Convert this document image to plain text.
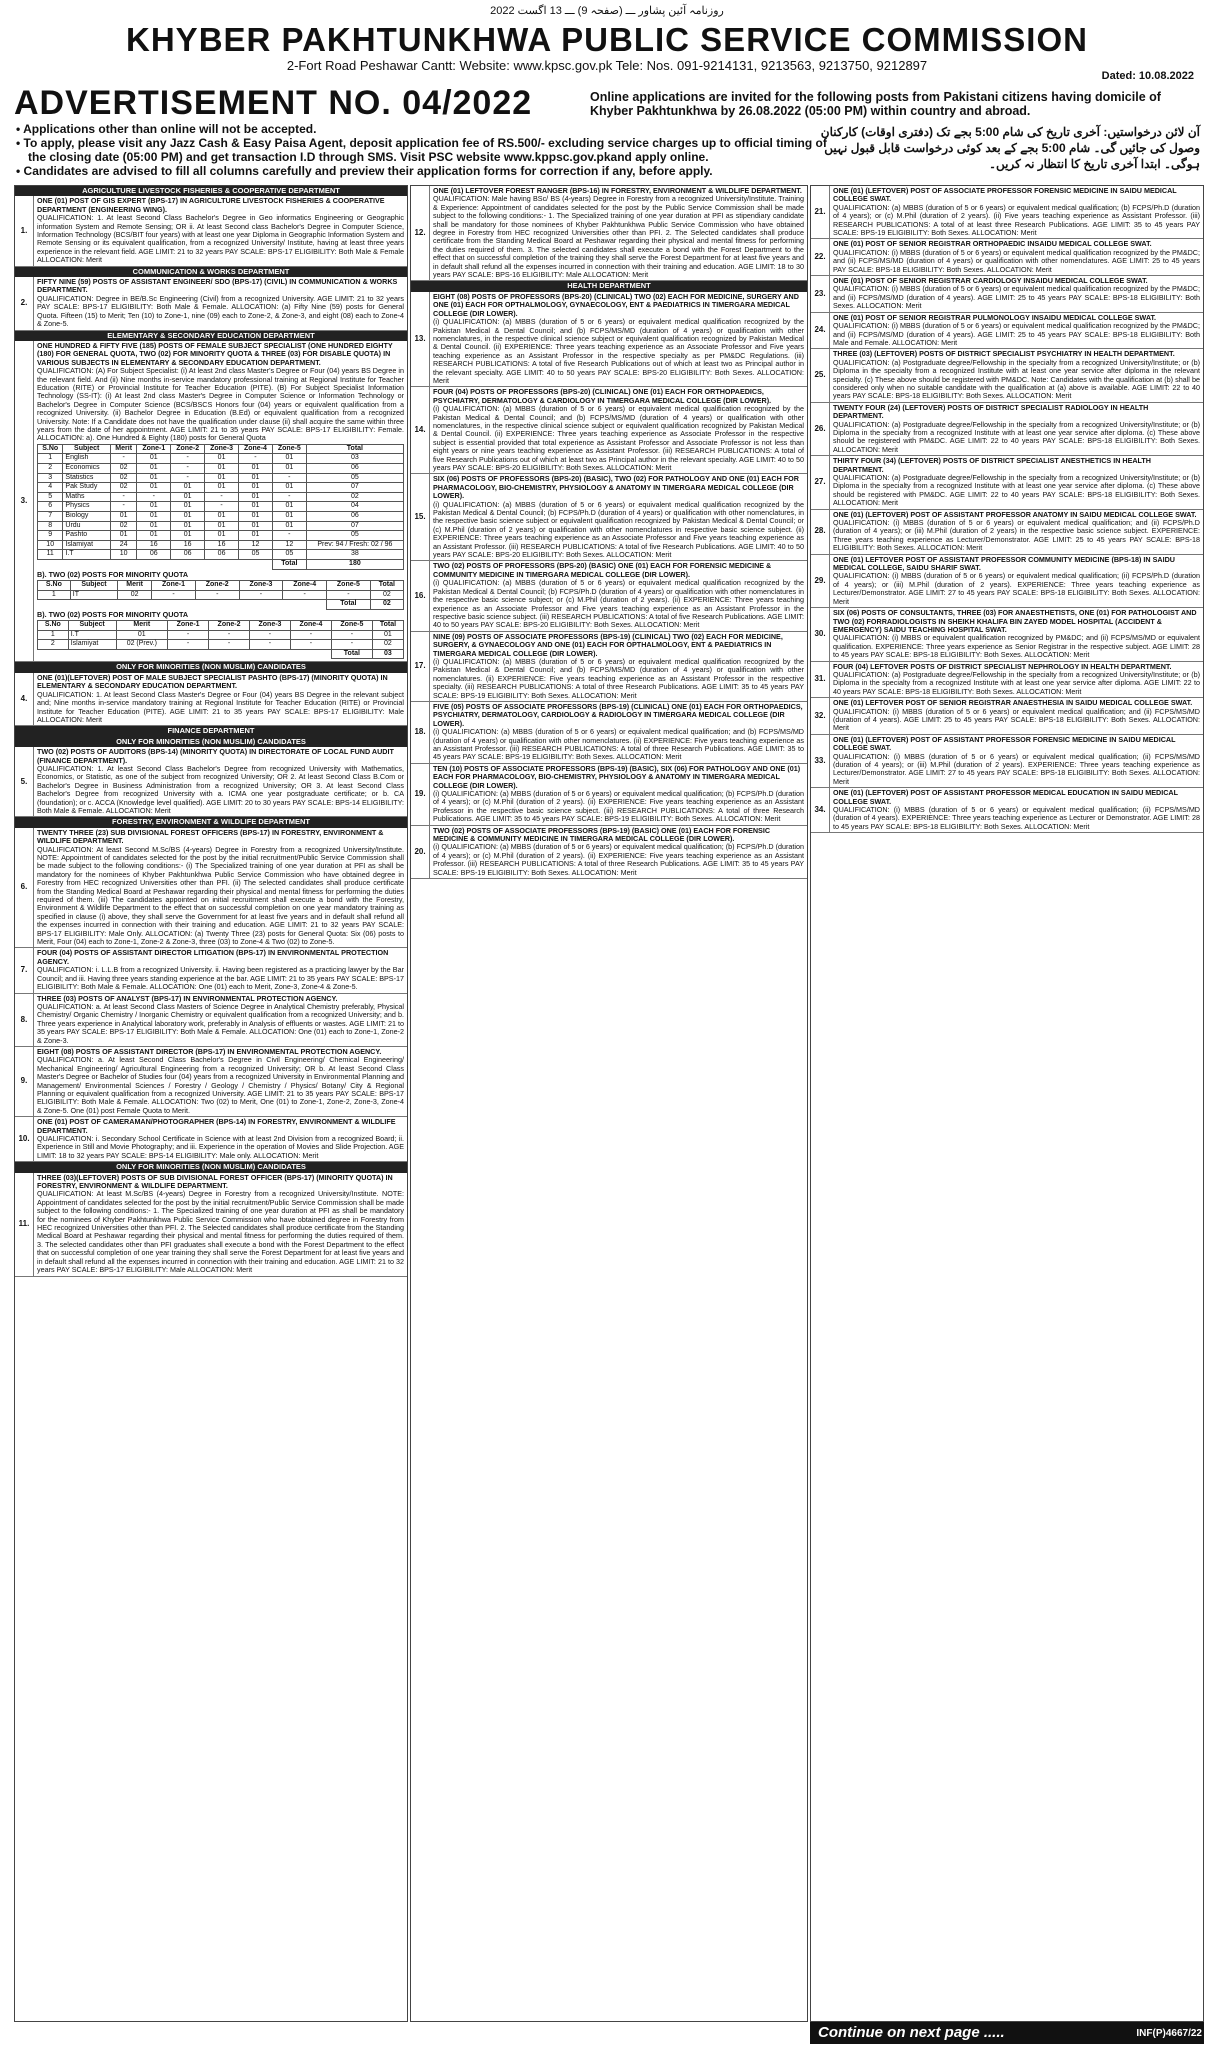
روزنامہ آئین پشاور ـــ (صفحہ 9) ـــ 13 اگست 2022
KHYBER PAKHTUNKHWA PUBLIC SERVICE COMMISSION
2-Fort Road Peshawar Cantt: Website: www.kpsc.gov.pk Tele: Nos. 091-9214131, 9213563, 9213750, 9212897
Dated: 10.08.2022
ADVERTISEMENT NO. 04/2022	Online applications are invited for the following posts from Pakistani citizens having domicile of Khyber Pakhtunkhwa by 26.08.2022 (05:00 PM) within country and abroad.

• Applications other than online will not be accepted.

• To apply, please visit any Jazz Cash & Easy Paisa Agent, deposit application fee of RS.500/- excluding service charges up to official timing of the closing date (05:00 PM) and get transaction I.D through SMS. Visit PSC website www.kppsc.gov.pkand apply online.

• Candidates are advised to fill all columns carefully and preview their application forms for correction if any, before apply.

آن لائن درخواستیں: آخری تاریخ کی شام 5:00 بجے تک (دفتری اوقات) کارکنان وصول کی جائیں گی۔ شام 5:00 بجے کے بعد کوئی درخواست قابل قبول نہیں ہوگی۔ ابتدا آخری تاریخ کا انتظار نہ کریں۔
AGRICULTURE LIVESTOCK FISHERIES & COOPERATIVE DEPARTMENT
1.
ONE (01) POST OF GIS EXPERT (BPS-17) IN AGRICULTURE LIVESTOCK FISHERIES & COOPERATIVE DEPARTMENT (ENGINEERING WING).
QUALIFICATION: 1. At least Second Class Bachelor's Degree in Geo informatics Engineering or Geographic information System and Remote Sensing; OR ii. At least Second class Bachelor's Degree in Computer Science, Information Technology (BCS/BIT four years) with at least one year Diploma in Geographic Information System and Remote Sensing or its equivalent qualification, from a recognized University/ Institute, having at least three years experience in the relevant field. AGE LIMIT: 21 to 32 years PAY SCALE: BPS-17 ELIGIBILITY: Both Male & Female ALLOCATION: Merit
COMMUNICATION & WORKS DEPARTMENT
2.
FIFTY NINE (59) POSTS OF ASSISTANT ENGINEER/ SDO (BPS-17) (CIVIL) IN COMMUNICATION & WORKS DEPARTMENT.
QUALIFICATION: Degree in BE/B.Sc Engineering (Civil) from a recognized University. AGE LIMIT: 21 to 32 years PAY SCALE: BPS-17 ELIGIBILITY: Both Male & Female. ALLOCATION: (a) Fifty Nine (59) posts for General Quota. Fifteen (15) to Merit; Ten (10) to Zone-1, nine (09) each to Zone-2, & Zone-3, and eight (08) each to Zone-4 & Zone-5.
ELEMENTARY & SECONDARY EDUCATION DEPARTMENT
3.
ONE HUNDRED & FIFTY FIVE (185) POSTS OF FEMALE SUBJECT SPECIALIST (ONE HUNDRED EIGHTY (180) FOR GENERAL QUOTA, TWO (02) FOR MINORITY QUOTA & THREE (03) FOR DISABLE QUOTA) IN VARIOUS SUBJECTS IN ELEMENTARY & SECONDARY EDUCATION DEPARTMENT.
QUALIFICATION: (A) For Subject Specialist: (i) At least 2nd class Master's Degree or Four (04) years BS Degree in the relevant field. And (ii) Nine months in-service mandatory professional training at Regional Institute for Teacher Education (RITE) or Provincial Institute for Teacher Education (PITE). (B) For Subject Specialist Information Technology (SS-IT): (i) At least 2nd class Master's Degree in Computer Science or Information Technology or Bachelor's Degree in Computer Science (BCS/BSCS Honors four (04) years or equivalent qualification from a recognized University. (ii) Bachelor Degree in Education (B.Ed) or equivalent qualification from a recognized University. Note: If a Candidate does not have the qualification under clause (ii) shall acquire the same within three years from the date of her appointment. AGE LIMIT: 21 to 35 years PAY SCALE: BPS-17 ELIGIBILITY: Female. ALLOCATION: a). One Hundred & Eighty (180) posts for General Quota
S.No	Subject	Merit	Zone-1	Zone-2	Zone-3	Zone-4	Zone-5	Total
1	English	-	01	-	01	-	01	03
2	Economics	02	01	-	01	01	01	06
3	Statistics	02	01	-	01	01	-	05
4	Pak Study	02	01	01	01	01	01	07
5	Maths	-	-	01	-	01	-	02
6	Physics	-	01	01	-	01	01	04
7	Biology	01	01	01	01	01	01	06
8	Urdu	02	01	01	01	01	01	07
9	Pashto	01	01	01	01	01	-	05
10	Islamiyat	24	16	16	16	12	12	Prev: 94 / Fresh: 02 / 96
11	I.T	10	06	06	06	05	05	38
							Total	180
B). TWO (02) POSTS FOR MINORITY QUOTA
S.No	Subject	Merit	Zone-1	Zone-2	Zone-3	Zone-4	Zone-5	Total
1	IT	02	-	-	-	-	-	02
							Total	02
B). TWO (02) POSTS FOR MINORITY QUOTA
S.No	Subject	Merit	Zone-1	Zone-2	Zone-3	Zone-4	Zone-5	Total
1	I.T	01	-	-	-	-	-	01
2	Islamiyat	02 (Prev.)	-	-	-	-	-	02
							Total	03
ONLY FOR MINORITIES (NON MUSLIM) CANDIDATES
4.
ONE (01)(LEFTOVER) POST OF MALE SUBJECT SPECIALIST PASHTO (BPS-17) (MINORITY QUOTA) IN ELEMENTARY & SECONDARY EDUCATION DEPARTMENT.
QUALIFICATION: 1. At least Second Class Master's Degree or Four (04) years BS Degree in the relevant subject and; Nine months in-service mandatory training at Regional Institute for Teacher Education (RITE) or Provincial Institute for Teacher Education (PITE). AGE LIMIT: 21 to 35 years PAY SCALE: BPS-17 ELIGIBILITY: Male ALLOCATION: Merit
FINANCE DEPARTMENT
ONLY FOR MINORITIES (NON MUSLIM) CANDIDATES
5.
TWO (02) POSTS OF AUDITORS (BPS-14) (MINORITY QUOTA) IN DIRECTORATE OF LOCAL FUND AUDIT (FINANCE DEPARTMENT).
QUALIFICATION: 1. At least Second Class Bachelor's Degree from recognized University with Mathematics, Economics, or Statistic, as one of the subject from recognized University; OR 2. At least Second Class B.Com or Bachelor's Degree in Business Administration from a recognized University; OR 3. At least Second Class Bachelor's Degree from recognized University with a. ICMA one year postgraduate certificate; or b. CA (foundation); or c. ACCA (Knowledge level qualified). AGE LIMIT: 20 to 30 years PAY SCALE: BPS-14 ELIGIBILITY: Both Male & Female. ALLOCATION: Merit
FORESTRY, ENVIRONMENT & WILDLIFE DEPARTMENT
6.
TWENTY THREE (23) SUB DIVISIONAL FOREST OFFICERS (BPS-17) IN FORESTRY, ENVIRONMENT & WILDLIFE DEPARTMENT.
QUALIFICATION: At least Second M.Sc/BS (4-years) Degree in Forestry from a recognized University/Institute. NOTE: Appointment of candidates selected for the post by the initial recruitment/Public Service Commission shall be made subject to the following conditions:- (i) The Specialized training of one year duration at PFI as shall be mandatory for the nominees of Khyber Pakhtunkhwa Public Service Commission who have obtained degree in Forestry from HEC recognized Universities other than PFI. (ii) The selected candidates shall produce certificate from the Standing Medical Board at Peshawar regarding their physical and mental fitness for performing the duties required of them. (iii) The candidates appointed on initial recruitment shall execute a bond with the Forestry, Environment & Wildlife Department to the effect that on successful completion on one year mandatory training as specified in clause (i) above, they shall serve the Government for at least five years and in default shall refund all the expenses incurred in connection with their training and education. AGE LIMIT: 21 to 32 years PAY SCALE: BPS-17 ELIGIBILITY: Male Only. ALLOCATION: (a) Twenty Three (23) posts for General Quota: Six (06) posts to Merit, Four (04) each to Zone-1, Zone-2 & Zone-3, three (03) to Zone-4 & Two (02) to Zone-5.
7.
FOUR (04) POSTS OF ASSISTANT DIRECTOR LITIGATION (BPS-17) IN ENVIRONMENTAL PROTECTION AGENCY.
QUALIFICATION: i. L.L.B from a recognized University. ii. Having been registered as a practicing lawyer by the Bar Council; and iii. Having three years standing experience at the bar. AGE LIMIT: 21 to 35 years PAY SCALE: BPS-17 ELIGIBILITY: Both Male & Female. ALLOCATION: One (01) each to Merit, Zone-3, Zone-4 & Zone-5.
8.
THREE (03) POSTS OF ANALYST (BPS-17) IN ENVIRONMENTAL PROTECTION AGENCY.
QUALIFICATION: a. At least Second Class Masters of Science Degree in Analytical Chemistry preferably, Physical Chemistry/ Organic Chemistry / Inorganic Chemistry or equivalent qualification from a recognized University; and b. Three years experience in Analytical laboratory work, preferably in Analysis of effluents or wastes. AGE LIMIT: 21 to 35 years PAY SCALE: BPS-17 ELIGIBILITY: Both Male & Female. ALLOCATION: One (01) each to Zone-1, Zone-2 & Zone-3.
9.
EIGHT (08) POSTS OF ASSISTANT DIRECTOR (BPS-17) IN ENVIRONMENTAL PROTECTION AGENCY.
QUALIFICATION: a. At least Second Class Bachelor's Degree in Civil Engineering/ Chemical Engineering/ Mechanical Engineering/ Agricultural Engineering from a recognized University; OR b. At least Second Class Master's Degree or Bachelor of Studies four (04) years from a recognized University in Environmental Planning and Management/ Environmental Sciences / Forestry / Geology / Chemistry / Physics/ Botany/ City & Regional Planning or equivalent qualification from a recognized University. AGE LIMIT: 21 to 35 years PAY SCALE: BPS-17 ELIGIBILITY: Both Male & Female. ALLOCATION: Two (02) to Merit, One (01) to Zone-1, Zone-2, Zone-3, Zone-4 & Zone-5. One (01) post Female Quota to Merit.
10.
ONE (01) POST OF CAMERAMAN/PHOTOGRAPHER (BPS-14) IN FORESTRY, ENVIRONMENT & WILDLIFE DEPARTMENT.
QUALIFICATION: i. Secondary School Certificate in Science with at least 2nd Division from a recognized Board; ii. Experience in Still and Movie Photography; and iii. Experience in the operation of Movies and Slide Projection. AGE LIMIT: 18 to 32 years PAY SCALE: BPS-14 ELIGIBILITY: Male only. ALLOCATION: Merit
ONLY FOR MINORITIES (NON MUSLIM) CANDIDATES
11.
THREE (03)(LEFTOVER) POSTS OF SUB DIVISIONAL FOREST OFFICER (BPS-17) (MINORITY QUOTA) IN FORESTRY, ENVIRONMENT & WILDLIFE DEPARTMENT.
QUALIFICATION: At least M.Sc/BS (4-years) Degree in Forestry from a recognized University/Institute. NOTE: Appointment of candidates selected for the post by the initial recruitment/Public Service Commission shall be made subject to the following conditions:- 1. The Specialized training of one year duration at PFI as shall be mandatory for the nominees of Khyber Pakhtunkhwa Public Service Commission who have obtained degree in Forestry from HEC recognized Universities other than PFI. 2. The Selected candidates shall produce certificate from the Standing Medical Board at Peshawar regarding their physical and mental fitness for performing the duties required of them. 3. The selected candidates other than PFI graduates shall execute a bond with the Forest Department to the effect that on successful completion of one year training they shall serve the Forest Department for at least five years and in default shall refund all the expenses incurred in connection with their training and education. AGE LIMIT: 21 to 32 years PAY SCALE: BPS-17 ELIGIBILITY: Male ALLOCATION: Merit
12.
ONE (01) LEFTOVER FOREST RANGER (BPS-16) IN FORESTRY, ENVIRONMENT & WILDLIFE DEPARTMENT.
QUALIFICATION: Male having BSc/ BS (4-years) Degree in Forestry from a recognized University/Institute. Training & Experience: Appointment of candidates selected for the post by the Public Service Commission shall be made subject to the following conditions:- 1. The Specialized training of one year duration at PFI as stipendiary candidate shall be mandatory for those nominees of Khyber Pakhtunkhwa Public Service Commission who have obtained degree in Forestry from HEC recognized Universities other than PFI. 2. The Selected candidates shall produce certificate from the Standing Medical Board at Peshawar regarding their physical and mental fitness for performing the duties required of them. 3. The selected candidates shall execute a bond with the Forest Department to the effect that on successful completion of the training they shall serve the Forest Department for at least five years and in default shall refund all the expenses incurred in connection with their training and education. AGE LIMIT: 18 to 30 years PAY SCALE: BPS-16 ELIGIBILITY: Male ALLOCATION: Merit
HEALTH DEPARTMENT
13.
EIGHT (08) POSTS OF PROFESSORS (BPS-20) (CLINICAL) TWO (02) EACH FOR MEDICINE, SURGERY AND ONE (01) EACH FOR OPTHALMOLOGY, GYNAECOLOGY, ENT & PAEDIATRICS IN TIMERGARA MEDICAL COLLEGE (DIR LOWER).
(i) QUALIFICATION: (a) MBBS (duration of 5 or 6 years) or equivalent medical qualification recognized by the Pakistan Medical & Dental Council; and (b) FCPS/MS/MD (duration of 4 years) or qualification with other nomenclatures, in the respective clinical science subject or equivalent qualification recognized by Pakistan Medical & Dental Council. (ii) EXPERIENCE: Three years teaching experience as an Associate Professor and Five years teaching experience as an Assistant Professor in the respective specialty as per PM&DC Regulations. (iii) RESEARCH PUBLICATIONS: A total of five Research Publications out of which at least two as Principal author in the relevant specialty. AGE LIMIT: 40 to 50 years PAY SCALE: BPS-20 ELIGIBILITY: Both Sexes. ALLOCATION: Merit
14.
FOUR (04) POSTS OF PROFESSORS (BPS-20) (CLINICAL) ONE (01) EACH FOR ORTHOPAEDICS, PSYCHIATRY, DERMATOLOGY & CARDIOLOGY IN TIMERGARA MEDICAL COLLEGE (DIR LOWER).
(i) QUALIFICATION: (a) MBBS (duration of 5 or 6 years) or equivalent medical qualification recognized by the Pakistan Medical & Dental Council; and (b) FCPS/MS/MD (duration of 4 years) or qualification with other nomenclatures, in the respective clinical science subject or equivalent qualification recognized by Pakistan Medical & Dental Council. (ii) EXPERIENCE: Three years teaching experience as Associate Professor in the respective subject is essential provided that total experience as Assistant Professor and Associate Professor is not less than eight years or nine years teaching experience as Assistant Professor. (iii) RESEARCH PUBLICATIONS: A total of five Research Publications out of which at least two as Principal author in the relevant specialty. AGE LIMIT: 40 to 50 years PAY SCALE: BPS-20 ELIGIBILITY: Both Sexes. ALLOCATION: Merit
15.
SIX (06) POSTS OF PROFESSORS (BPS-20) (BASIC), TWO (02) FOR PATHOLOGY AND ONE (01) EACH FOR PHARMACOLOGY, BIO-CHEMISTRY, PHYSIOLOGY & ANATOMY IN TIMERGARA MEDICAL COLLEGE (DIR LOWER).
(i) QUALIFICATION: (a) MBBS (duration of 5 or 6 years) or equivalent medical qualification recognized by the Pakistan Medical & Dental Council; (b) FCPS/Ph.D (duration of 4 years) or qualification with other nomenclatures, in the respective basic science subject or equivalent qualification recognized by Pakistan Medical & Dental Council; or (c) M.Phil (duration of 2 years) or qualification with other nomenclatures in respective basic science subject. (ii) EXPERIENCE: Three years teaching experience as an Associate Professor and Five years teaching experience as an Assistant Professor. (iii) RESEARCH PUBLICATIONS: A total of five Research Publications. AGE LIMIT: 40 to 50 years PAY SCALE: BPS-20 ELIGIBILITY: Both Sexes. ALLOCATION: Merit
16.
TWO (02) POSTS OF PROFESSORS (BPS-20) (BASIC) ONE (01) EACH FOR FORENSIC MEDICINE & COMMUNITY MEDICINE IN TIMERGARA MEDICAL COLLEGE (DIR LOWER).
(i) QUALIFICATION: (a) MBBS (duration of 5 or 6 years) or equivalent medical qualification recognized by the Pakistan Medical & Dental Council; (b) FCPS/Ph.D (duration of 4 years) or qualification with other nomenclatures in the respective basic science subject; or (c) M.Phil (duration of 2 years). (ii) EXPERIENCE: Three years teaching experience as an Associate Professor and Five years teaching experience as an Assistant Professor in the respective basic science subject. (iii) RESEARCH PUBLICATIONS: A total of five Research Publications. AGE LIMIT: 40 to 50 years PAY SCALE: BPS-20 ELIGIBILITY: Both Sexes. ALLOCATION: Merit
17.
NINE (09) POSTS OF ASSOCIATE PROFESSORS (BPS-19) (CLINICAL) TWO (02) EACH FOR MEDICINE, SURGERY, & GYNAECOLOGY AND ONE (01) EACH FOR OPTHALMOLOGY, ENT & PAEDIATRICS IN TIMERGARA MEDICAL COLLEGE (DIR LOWER).
(i) QUALIFICATION: (a) MBBS (duration of 5 or 6 years) or equivalent medical qualification recognized by the Pakistan Medical & Dental Council; and (b) FCPS/MS/MD (duration of 4 years) or qualification with other nomenclatures. (ii) EXPERIENCE: Five years teaching experience as an Assistant Professor in the respective specialty. (iii) RESEARCH PUBLICATIONS: A total of three Research Publications. AGE LIMIT: 35 to 45 years PAY SCALE: BPS-19 ELIGIBILITY: Both Sexes. ALLOCATION: Merit
18.
FIVE (05) POSTS OF ASSOCIATE PROFESSORS (BPS-19) (CLINICAL) ONE (01) EACH FOR ORTHOPAEDICS, PSYCHIATRY, DERMATOLOGY, CARDIOLOGY & RADIOLOGY IN TIMERGARA MEDICAL COLLEGE (DIR LOWER).
(i) QUALIFICATION: (a) MBBS (duration of 5 or 6 years) or equivalent medical qualification; and (b) FCPS/MS/MD (duration of 4 years) or qualification with other nomenclatures. (ii) EXPERIENCE: Five years teaching experience as an Assistant Professor. (iii) RESEARCH PUBLICATIONS: A total of three Research Publications. AGE LIMIT: 35 to 45 years PAY SCALE: BPS-19 ELIGIBILITY: Both Sexes. ALLOCATION: Merit
19.
TEN (10) POSTS OF ASSOCIATE PROFESSORS (BPS-19) (BASIC), SIX (06) FOR PATHOLOGY AND ONE (01) EACH FOR PHARMACOLOGY, BIO-CHEMISTRY, PHYSIOLOGY & ANATOMY IN TIMERGARA MEDICAL COLLEGE (DIR LOWER).
(i) QUALIFICATION: (a) MBBS (duration of 5 or 6 years) or equivalent medical qualification; (b) FCPS/Ph.D (duration of 4 years); or (c) M.Phil (duration of 2 years). (ii) EXPERIENCE: Five years teaching experience as an Assistant Professor in the respective basic science subject. (iii) RESEARCH PUBLICATIONS: A total of three Research Publications. AGE LIMIT: 35 to 45 years PAY SCALE: BPS-19 ELIGIBILITY: Both Sexes. ALLOCATION: Merit
20.
TWO (02) POSTS OF ASSOCIATE PROFESSORS (BPS-19) (BASIC) ONE (01) EACH FOR FORENSIC MEDICINE & COMMUNITY MEDICINE IN TIMERGARA MEDICAL COLLEGE (DIR LOWER).
(i) QUALIFICATION: (a) MBBS (duration of 5 or 6 years) or equivalent medical qualification; (b) FCPS/Ph.D (duration of 4 years); or (c) M.Phil (duration of 2 years). (ii) EXPERIENCE: Five years teaching experience as an Assistant Professor. (iii) RESEARCH PUBLICATIONS: A total of three Research Publications. AGE LIMIT: 35 to 45 years PAY SCALE: BPS-19 ELIGIBILITY: Both Sexes. ALLOCATION: Merit
21.
ONE (01) (LEFTOVER) POST OF ASSOCIATE PROFESSOR FORENSIC MEDICINE IN SAIDU MEDICAL COLLEGE SWAT.
QUALIFICATION: (a) MBBS (duration of 5 or 6 years) or equivalent medical qualification; (b) FCPS/Ph.D (duration of 4 years); or (c) M.Phil (duration of 2 years). (ii) Five years teaching experience as Assistant Professor. (iii) RESEARCH PUBLICATIONS: A total of at least three Research Publications. AGE LIMIT: 35 to 45 years PAY SCALE: BPS-19 ELIGIBILITY: Both Sexes. ALLOCATION: Merit
22.
ONE (01) POST OF SENIOR REGISTRAR ORTHOPAEDIC INSAIDU MEDICAL COLLEGE SWAT.
QUALIFICATION: (i) MBBS (duration of 5 or 6 years) or equivalent medical qualification recognized by the PM&DC; and (ii) FCPS/MS/MD (duration of 4 years) or qualification with other nomenclatures. AGE LIMIT: 25 to 45 years PAY SCALE: BPS-18 ELIGIBILITY: Both Sexes. ALLOCATION: Merit
23.
ONE (01) POST OF SENIOR REGISTRAR CARDIOLOGY INSAIDU MEDICAL COLLEGE SWAT.
QUALIFICATION: (i) MBBS (duration of 5 or 6 years) or equivalent medical qualification recognized by the PM&DC; and (ii) FCPS/MS/MD (duration of 4 years). AGE LIMIT: 25 to 45 years PAY SCALE: BPS-18 ELIGIBILITY: Both Sexes. ALLOCATION: Merit
24.
ONE (01) POST OF SENIOR REGISTRAR PULMONOLOGY INSAIDU MEDICAL COLLEGE SWAT.
QUALIFICATION: (i) MBBS (duration of 5 or 6 years) or equivalent medical qualification recognized by the PM&DC; and (ii) FCPS/MS/MD (duration of 4 years). AGE LIMIT: 25 to 45 years PAY SCALE: BPS-18 ELIGIBILITY: Both Male and Female. ALLOCATION: Merit
25.
THREE (03) (LEFTOVER) POSTS OF DISTRICT SPECIALIST PSYCHIATRY IN HEALTH DEPARTMENT.
QUALIFICATION: (a) Postgraduate degree/Fellowship in the specialty from a recognized University/Institute; or (b) Diploma in the specialty from a recognized Institute with at least one year service after diploma in the relevant specialty. (c) These above should be registered with PM&DC. Note: Candidates with the qualification at (b) shall be considered only when no suitable candidate with the qualification at (a) above is available. AGE LIMIT: 22 to 40 years PAY SCALE: BPS-18 ELIGIBILITY: Both Sexes. ALLOCATION: Merit
26.
TWENTY FOUR (24) (LEFTOVER) POSTS OF DISTRICT SPECIALIST RADIOLOGY IN HEALTH DEPARTMENT.
QUALIFICATION: (a) Postgraduate degree/Fellowship in the specialty from a recognized University/Institute; or (b) Diploma in the specialty from a recognized Institute with at least one year service after diploma. (c) These above should be registered with PM&DC. AGE LIMIT: 22 to 40 years PAY SCALE: BPS-18 ELIGIBILITY: Both Sexes. ALLOCATION: Merit
27.
THIRTY FOUR (34) (LEFTOVER) POSTS OF DISTRICT SPECIALIST ANESTHETICS IN HEALTH DEPARTMENT.
QUALIFICATION: (a) Postgraduate degree/Fellowship in the specialty from a recognized University/Institute; or (b) Diploma in the specialty from a recognized Institute with at least one year service after diploma. (c) These above should be registered with PM&DC. AGE LIMIT: 22 to 40 years PAY SCALE: BPS-18 ELIGIBILITY: Both Sexes. ALLOCATION: Merit
28.
ONE (01) (LEFTOVER) POST OF ASSISTANT PROFESSOR ANATOMY IN SAIDU MEDICAL COLLEGE SWAT.
QUALIFICATION: (i) MBBS (duration of 5 or 6 years) or equivalent medical qualification; and (ii) FCPS/Ph.D (duration of 4 years); or (iii) M.Phil (duration of 2 years) in the respective basic science subject. EXPERIENCE: Three years teaching experience as Lecturer/Demonstrator. AGE LIMIT: 25 to 45 years PAY SCALE: BPS-18 ELIGIBILITY: Both Sexes. ALLOCATION: Merit
29.
ONE (01) LEFTOVER POST OF ASSISTANT PROFESSOR COMMUNITY MEDICINE (BPS-18) IN SAIDU MEDICAL COLLEGE, SAIDU SHARIF SWAT.
QUALIFICATION: (i) MBBS (duration of 5 or 6 years) or equivalent medical qualification; (ii) FCPS/Ph.D (duration of 4 years); or (iii) M.Phil (duration of 2 years). EXPERIENCE: Three years teaching experience as Lecturer/Demonstrator. AGE LIMIT: 27 to 45 years PAY SCALE: BPS-18 ELIGIBILITY: Both Sexes. ALLOCATION: Merit
30.
SIX (06) POSTS OF CONSULTANTS, THREE (03) FOR ANAESTHETISTS, ONE (01) FOR PATHOLOGIST AND TWO (02) FORRADIOLOGISTS IN SHEIKH KHALIFA BIN ZAYED MODEL HOSPITAL (ACCIDENT & EMERGENCY) SAIDU TEACHING HOSPITAL SWAT.
QUALIFICATION: (i) MBBS or equivalent qualification recognized by PM&DC; and (ii) FCPS/MS/MD or equivalent qualification. EXPERIENCE: Three years experience as Senior Registrar in the respective subject. AGE LIMIT: 28 to 45 years PAY SCALE: BPS-18 ELIGIBILITY: Both Sexes. ALLOCATION: Merit
31.
FOUR (04) LEFTOVER POSTS OF DISTRICT SPECIALIST NEPHROLOGY IN HEALTH DEPARTMENT.
QUALIFICATION: (a) Postgraduate degree/Fellowship in the specialty from a recognized University/Institute; or (b) Diploma in the specialty from a recognized Institute with at least one year service after diploma. AGE LIMIT: 22 to 40 years PAY SCALE: BPS-18 ELIGIBILITY: Both Sexes. ALLOCATION: Merit
32.
ONE (01) LEFTOVER POST OF SENIOR REGISTRAR ANAESTHESIA IN SAIDU MEDICAL COLLEGE SWAT.
QUALIFICATION: (i) MBBS (duration of 5 or 6 years) or equivalent medical qualification; and (ii) FCPS/MS/MD (duration of 4 years). AGE LIMIT: 25 to 45 years PAY SCALE: BPS-18 ELIGIBILITY: Both Sexes. ALLOCATION: Merit
33.
ONE (01) (LEFTOVER) POST OF ASSISTANT PROFESSOR FORENSIC MEDICINE IN SAIDU MEDICAL COLLEGE SWAT.
QUALIFICATION: (i) MBBS (duration of 5 or 6 years) or equivalent medical qualification; (ii) FCPS/MS/MD (duration of 4 years); or (iii) M.Phil (duration of 2 years). EXPERIENCE: Three years teaching experience as Lecturer/Demonstrator. AGE LIMIT: 27 to 45 years PAY SCALE: BPS-18 ELIGIBILITY: Both Sexes. ALLOCATION: Merit
34.
ONE (01) (LEFTOVER) POST OF ASSISTANT PROFESSOR MEDICAL EDUCATION IN SAIDU MEDICAL COLLEGE SWAT.
QUALIFICATION: (i) MBBS (duration of 5 or 6 years) or equivalent medical qualification; (ii) FCPS/MS/MD (duration of 4 years). EXPERIENCE: Three years teaching experience as Lecturer or Demonstrator. AGE LIMIT: 28 to 45 years PAY SCALE: BPS-18 ELIGIBILITY: Both Sexes. ALLOCATION: Merit
Continue on next page .....	INF(P)4667/22
